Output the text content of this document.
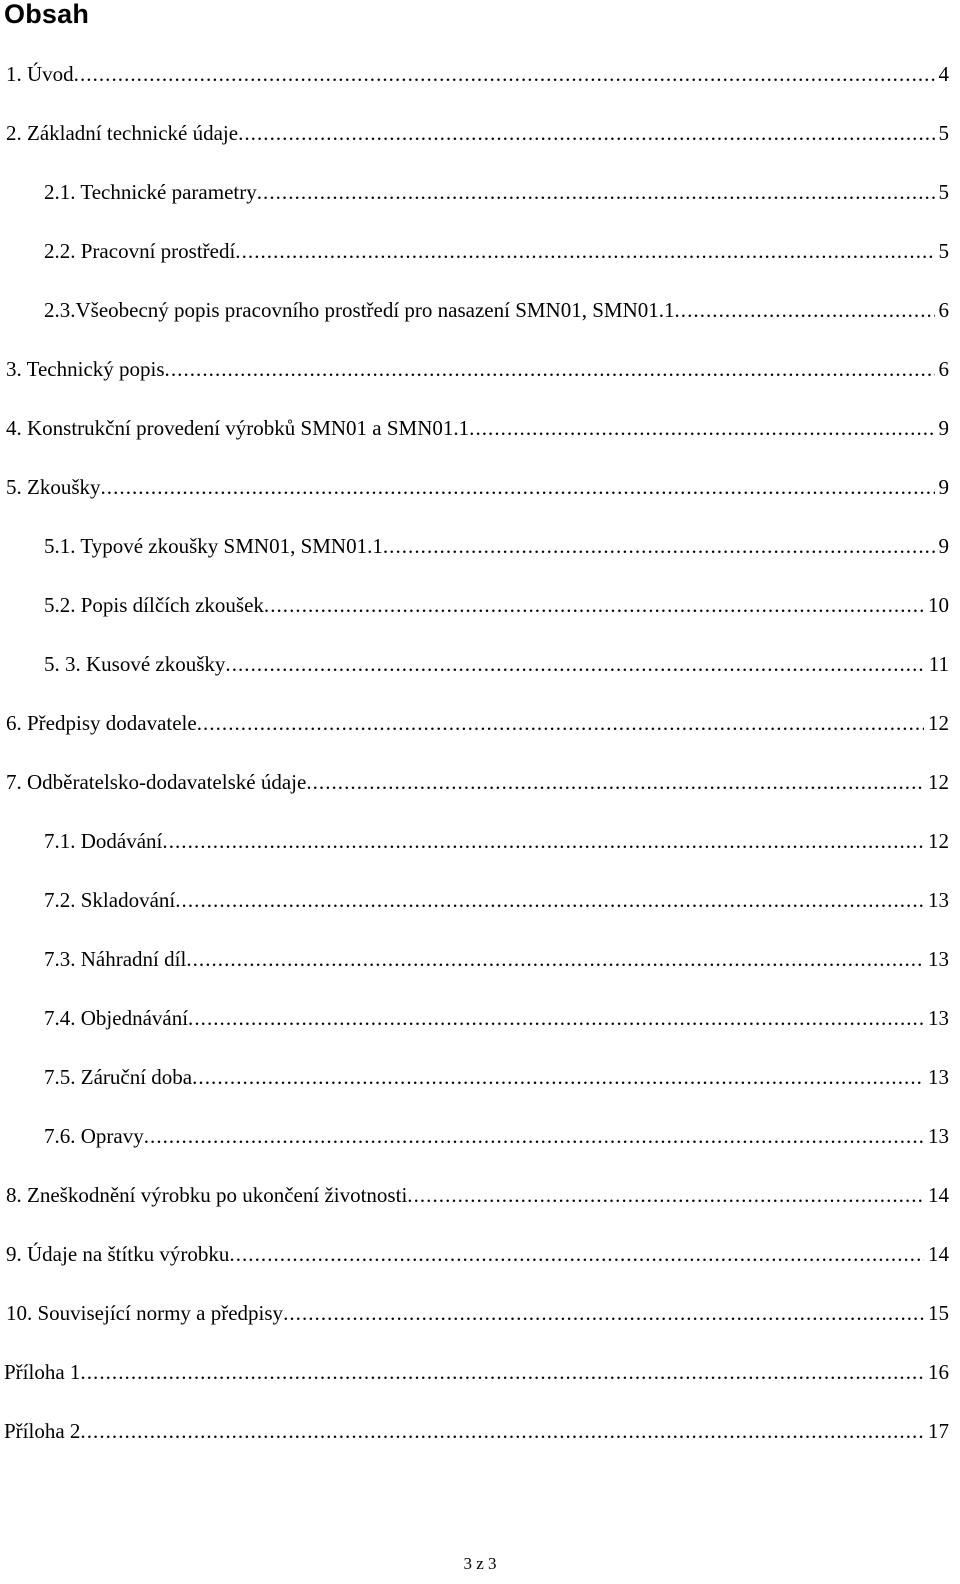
Obsah
1. Úvod .....	4
2. Základní technické údaje .....	5
2.1. Technické parametry .....	5
2.2. Pracovní prostředí .....	5
2.3.Všeobecný popis pracovního prostředí pro nasazení SMN01, SMN01.1 .....	6
3. Technický popis .....	6
4. Konstrukční provedení výrobků SMN01 a SMN01.1 .....	9
5. Zkoušky .....	9
5.1. Typové zkoušky SMN01, SMN01.1 .....	9
5.2. Popis dílčích zkoušek .....	10
5. 3. Kusové zkoušky .....	11
6. Předpisy dodavatele .....	12
7. Odběratelsko-dodavatelské údaje .....	12
7.1. Dodávání .....	12
7.2. Skladování .....	13
7.3. Náhradní díl .....	13
7.4. Objednávání .....	13
7.5. Záruční doba .....	13
7.6. Opravy .....	13
8. Zneškodnění výrobku po ukončení životnosti .....	14
9. Údaje na štítku výrobku .....	14
10. Související normy a předpisy .....	15
Příloha 1 .....	16
Příloha 2 .....	17
3 z 3
